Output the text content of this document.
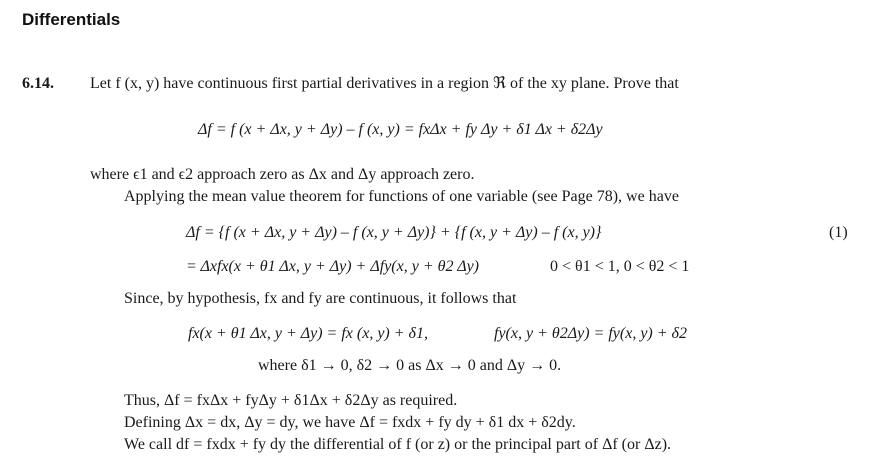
Differentials
6.14. Let f (x, y) have continuous first partial derivatives in a region ℜ of the xy plane. Prove that
Δf = f (x + Δx, y + Δy) – f (x, y) = fxΔx + fy Δy + δ1 Δx + δ2Δy
where ϵ1 and ϵ2 approach zero as Δx and Δy approach zero.
Applying the mean value theorem for functions of one variable (see Page 78), we have
Δf = {f (x + Δx, y + Δy) – f (x, y + Δy)} + {f (x, y + Δy) – f (x, y)}	(1)
= Δxfx(x + θ1 Δx, y + Δy) + Δfy(x, y + θ2 Δy)	0 < θ1 < 1, 0 < θ2 < 1
Since, by hypothesis, fx and fy are continuous, it follows that
fx(x + θ1 Δx, y + Δy) = fx (x, y) + δ1,	fy(x, y + θ2Δy) = fy(x, y) + δ2
where δ1 → 0, δ2 → 0 as Δx → 0 and Δy → 0.
Thus, Δf = fxΔx + fyΔy + δ1Δx + δ2Δy as required.
Defining Δx = dx, Δy = dy, we have Δf = fxdx + fy dy + δ1 dx + δ2dy.
We call df = fxdx + fy dy the differential of f (or z) or the principal part of Δf (or Δz).
